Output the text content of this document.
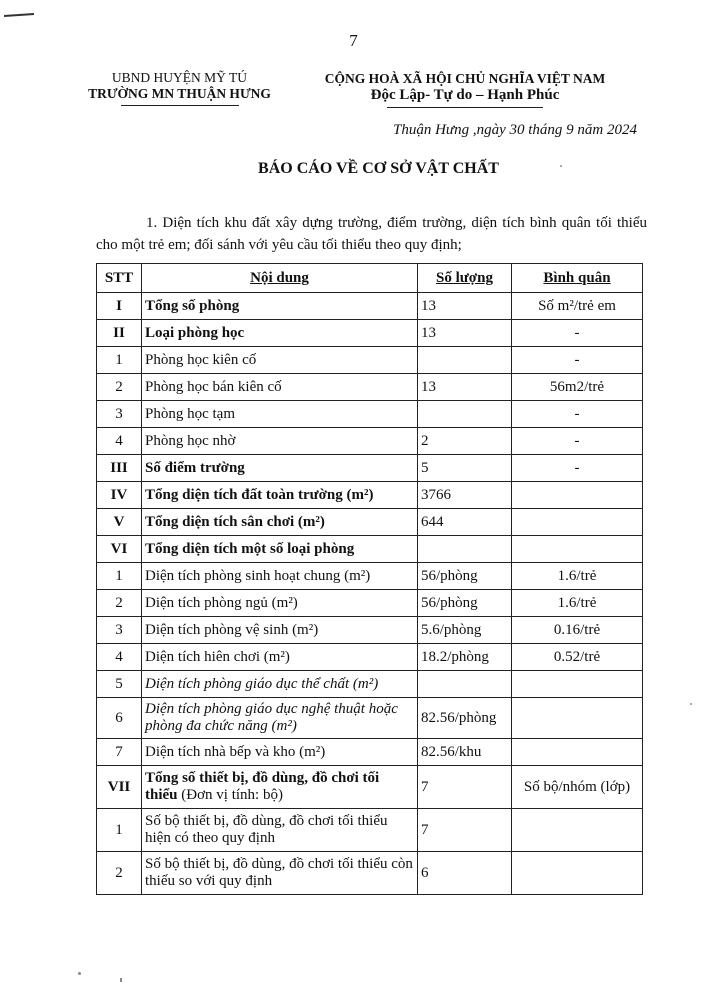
7
UBND HUYỆN MỸ TÚ
TRƯỜNG MN THUẬN HƯNG
CỘNG HOÀ XÃ HỘI CHỦ NGHĨA VIỆT NAM
Độc Lập- Tự do – Hạnh Phúc
Thuận Hưng ,ngày 30 tháng 9 năm 2024
BÁO CÁO VỀ CƠ SỞ VẬT CHẤT
1. Diện tích khu đất xây dựng trường, điểm trường, diện tích bình quân tối thiểu cho một trẻ em; đối sánh với yêu cầu tối thiểu theo quy định;
STT	Nội dung	Số lượng	Bình quân
I	Tổng số phòng	13	Số m²/trẻ em
II	Loại phòng học	13	-
1	Phòng học kiên cố		-
2	Phòng học bán kiên cố	13	56m2/trẻ
3	Phòng học tạm		-
4	Phòng học nhờ	2	-
III	Số điểm trường	5	-
IV	Tổng diện tích đất toàn trường (m²)	3766	
V	Tổng diện tích sân chơi (m²)	644	
VI	Tổng diện tích một số loại phòng		
1	Diện tích phòng sinh hoạt chung (m²)	56/phòng	1.6/trẻ
2	Diện tích phòng ngủ (m²)	56/phòng	1.6/trẻ
3	Diện tích phòng vệ sinh (m²)	5.6/phòng	0.16/trẻ
4	Diện tích hiên chơi (m²)	18.2/phòng	0.52/trẻ
5	Diện tích phòng giáo dục thể chất (m²)		
6	Diện tích phòng giáo dục nghệ thuật hoặc phòng đa chức năng (m²)	82.56/phòng	
7	Diện tích nhà bếp và kho (m²)	82.56/khu	
VII	Tổng số thiết bị, đồ dùng, đồ chơi tối thiểu (Đơn vị tính: bộ)	7	Số bộ/nhóm (lớp)
1	Số bộ thiết bị, đồ dùng, đồ chơi tối thiểu hiện có theo quy định	7	
2	Số bộ thiết bị, đồ dùng, đồ chơi tối thiểu còn thiếu so với quy định	6	
